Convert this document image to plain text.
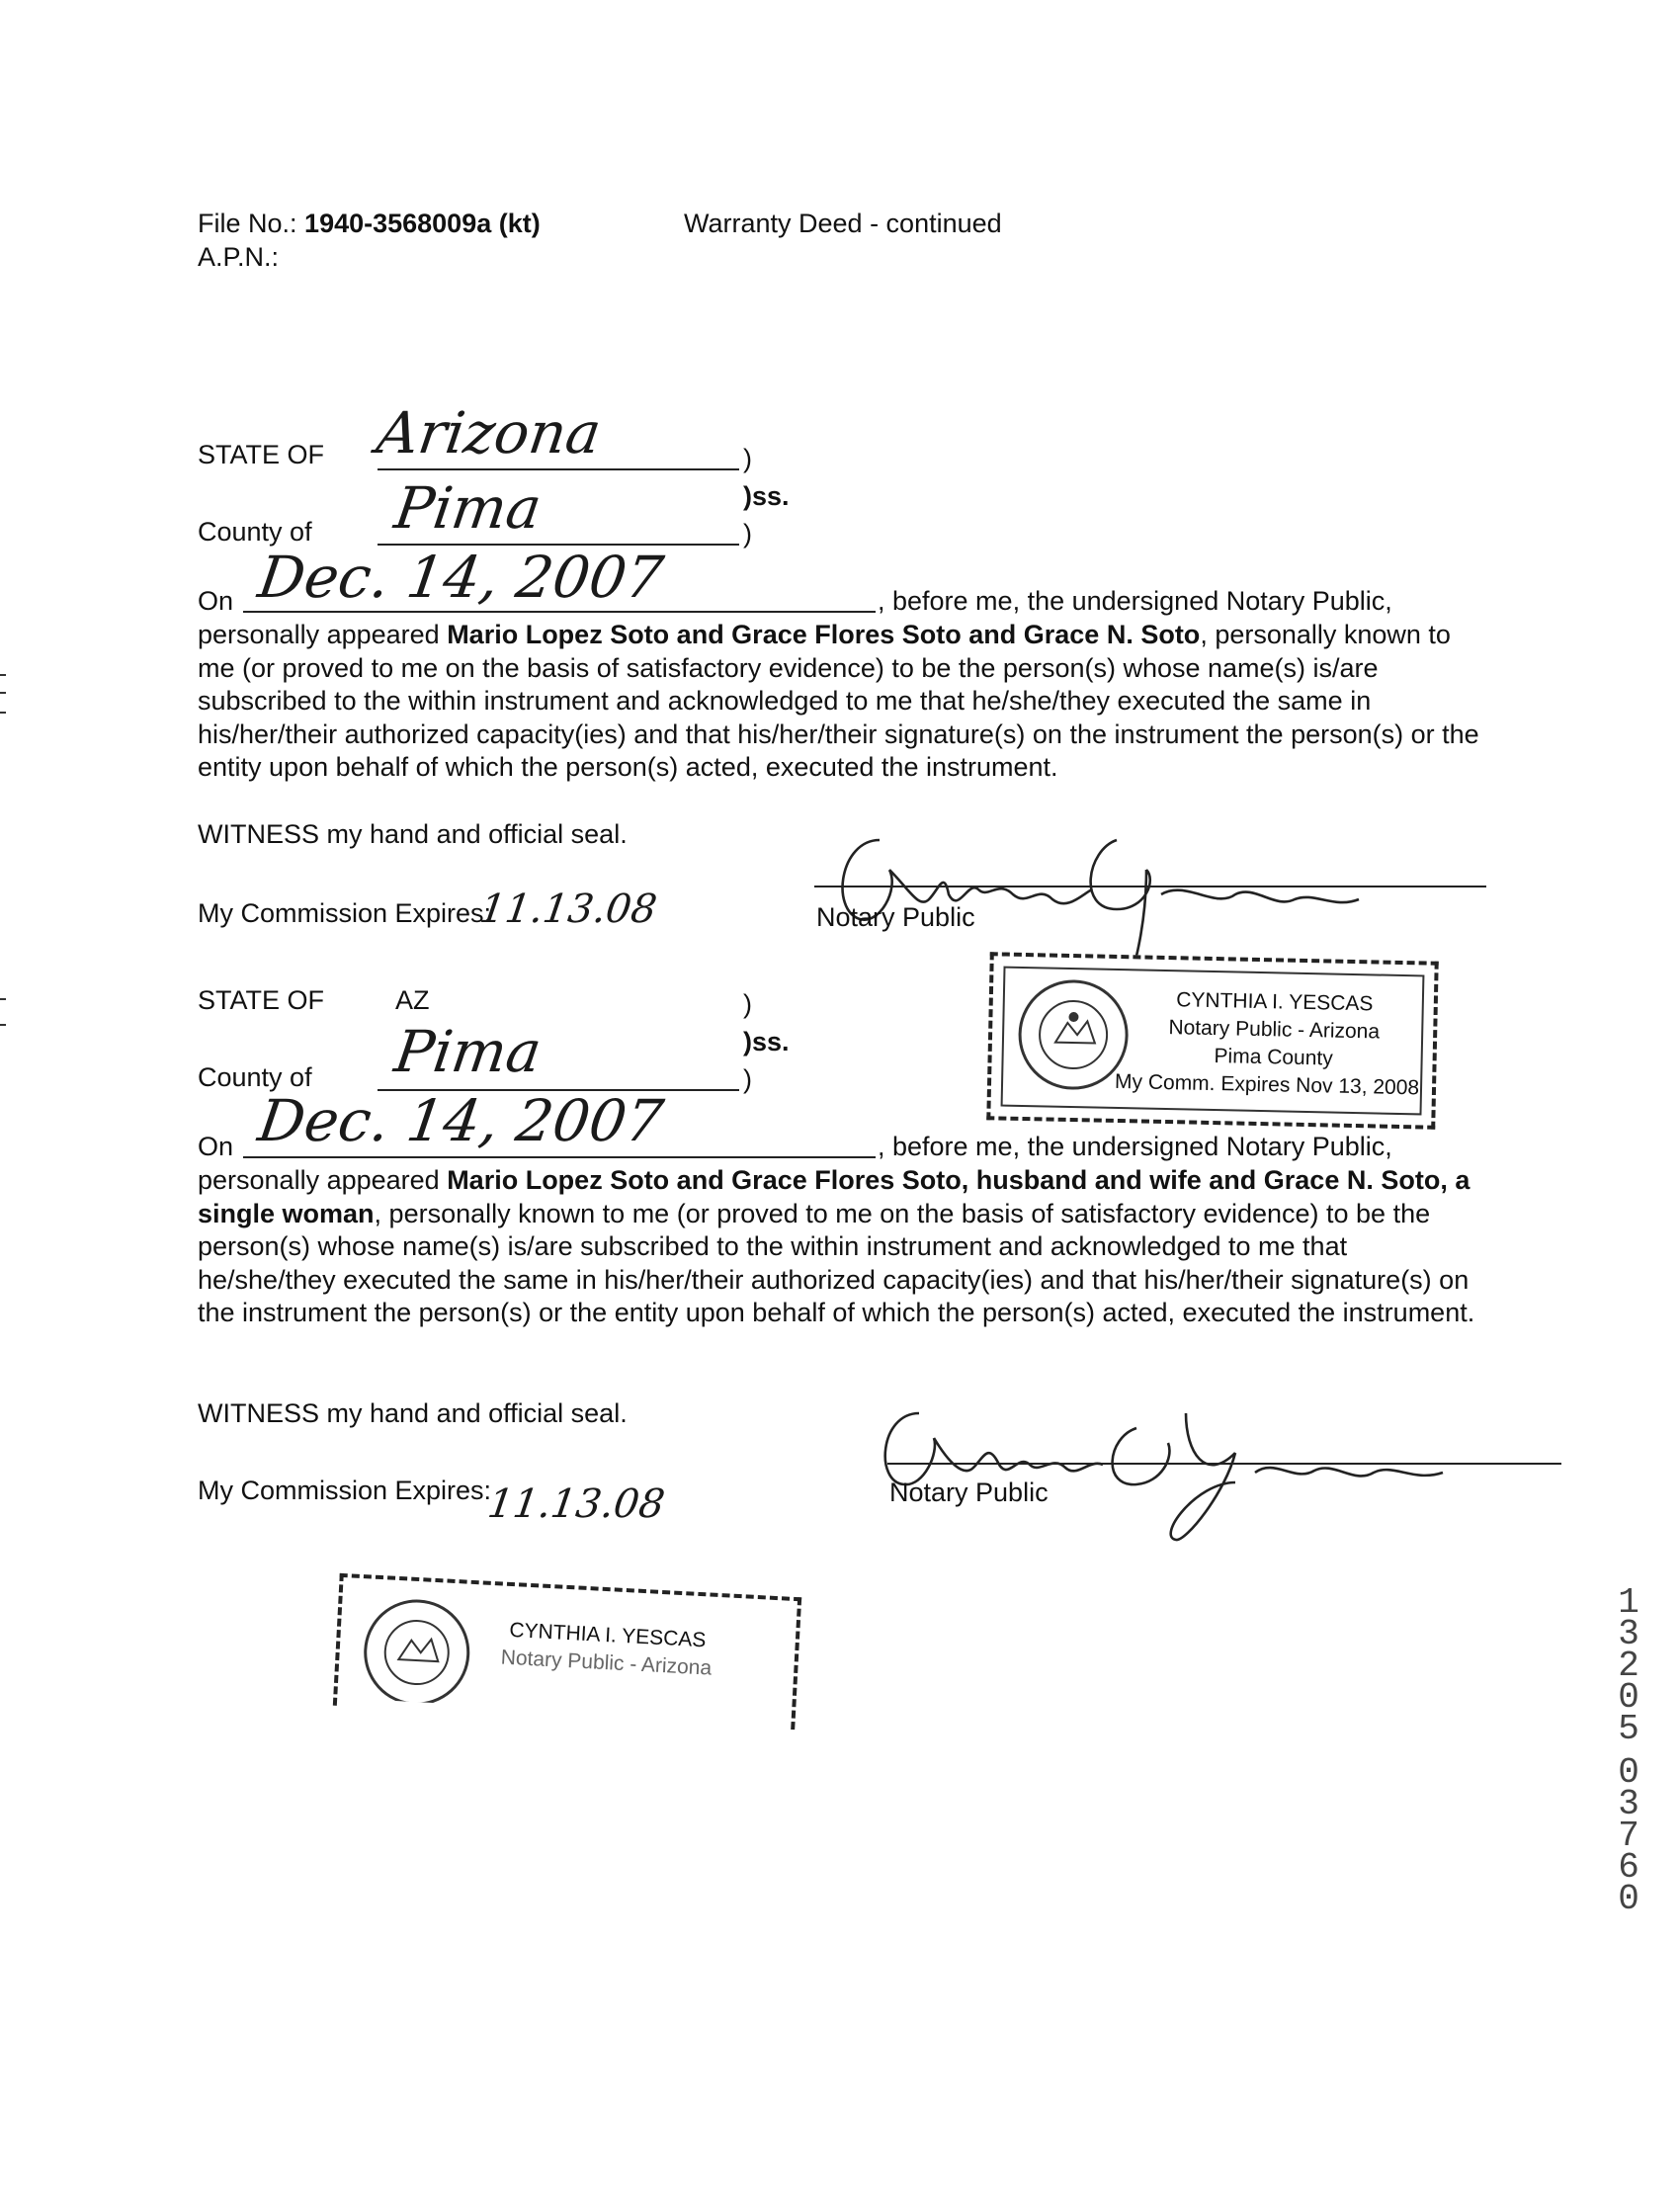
File No.: 1940-3568009a (kt)	Warranty Deed - continued
A.P.N.:
STATE OF Arizona	)
)ss.
County of Pima	)
On Dec. 14, 2007	, before me, the undersigned Notary Public,
personally appeared Mario Lopez Soto and Grace Flores Soto and Grace N. Soto, personally known to me (or proved to me on the basis of satisfactory evidence) to be the person(s) whose name(s) is/are subscribed to the within instrument and acknowledged to me that he/she/they executed the same in his/her/their authorized capacity(ies) and that his/her/their signature(s) on the instrument the person(s) or the entity upon behalf of which the person(s) acted, executed the instrument.
WITNESS my hand and official seal.
My Commission Expires:
11.13.08	Notary Public
CYNTHIA I. YESCAS
Notary Public - Arizona
Pima County
My Comm. Expires Nov 13, 2008
STATE OF	AZ	)
)ss.
County of Pima	)
On Dec. 14, 2007	, before me, the undersigned Notary Public,
personally appeared Mario Lopez Soto and Grace Flores Soto, husband and wife and Grace N. Soto, a single woman, personally known to me (or proved to me on the basis of satisfactory evidence) to be the person(s) whose name(s) is/are subscribed to the within instrument and acknowledged to me that he/she/they executed the same in his/her/their authorized capacity(ies) and that his/her/their signature(s) on the instrument the person(s) or the entity upon behalf of which the person(s) acted, executed the instrument.
WITNESS my hand and official seal.
My Commission Expires:
11.13.08	Notary Public
CYNTHIA I. YESCAS
Notary Public - Arizona
1
3
2
0
5
0
3
7
6
0
